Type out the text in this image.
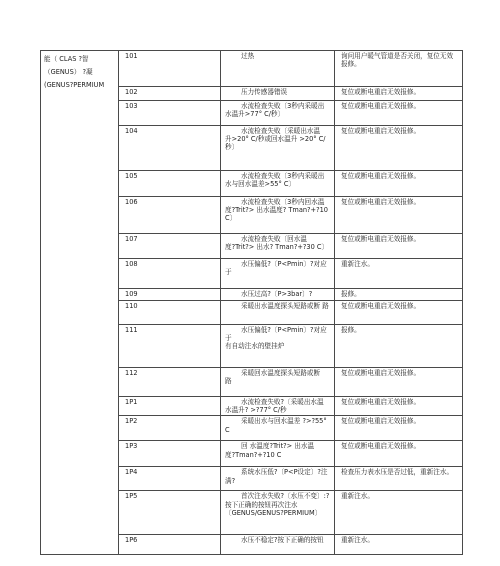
能（ CLAS ?智
（GENUS） ?凝
(GENUS?PERMIUM	101	过热	询问用户暖气管道是否关闭，复位无效报修。
	102	压力传感器错误	复位或断电重启无效报修。
	103	水流检查失败〔3秒内采暖出
水温升>77° C/秒〕	复位或断电重启无效报修。
	104	水流检查失败〔采暖出水温
升>20° C/秒或回水温升 >20° C/
秒〕	复位或断电重启无效报修。
	105	水流检查失败〔3秒内采暖出
水与回水温差>55° C〕	复位或断电重启无效报修。
	106	水流检查失败〔3秒内回水温
度?Trit?> 出水温度? Tman?+?10
C〕	复位或断电重启无效报修。
	107	水流检查失败〔回水温
度?Trit?> 出水? Tman?+?30 C〕	复位或断电重启无效报修。
	108	水压偏低?〔P<Pmin〕?对应
于	重新注水。
	109	水压过高?〔P>3bar〕?	报修。
	110	采暖出水温度探头短路或断 路	复位或断电重启无效报修。
	111	水压偏低?〔P<Pmin〕?对应
于
有自动注水的壁挂炉	报修。
	112	采暖回水温度探头短路或断
路	复位或断电重启无效报修。
	1P1	水流检查失败?〔采暖出水温
水温升? >?77° C/秒	复位或断电重启无效报修。
	1P2	采暖出水与回水温差 ?>?55°
C	复位或断电重启无效报修。
	1P3	回 水温度?Trit?> 出水温
度?Tman?+?10 C	复位或断电重启无效报修。
	1P4	系统水压低?〔P<P设定〕?注
满?	检查压力表水压是否过低，重新注水。
	1P5	首次注水失败?〔水压不变〕:?
按下正确的按钮再次注水
〔GENUS/GENUS?PERMIUM〕	重新注水。
	1P6	水压不稳定?按下正确的按钮	重新注水。
